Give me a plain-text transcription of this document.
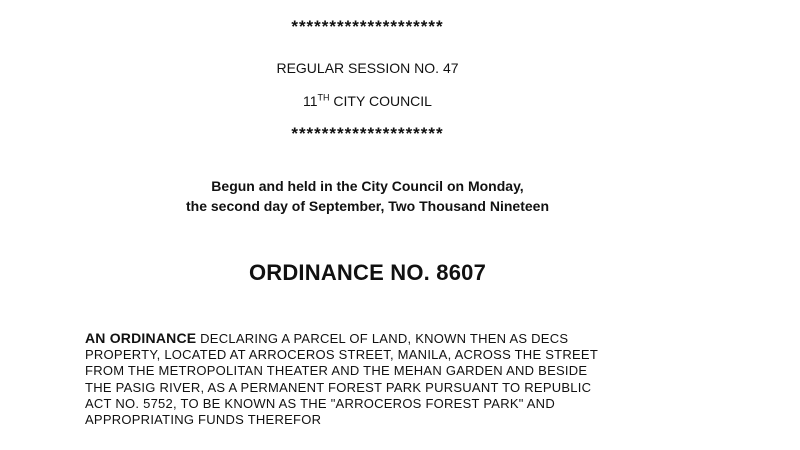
********************
REGULAR SESSION NO. 47
11TH CITY COUNCIL
********************
Begun and held in the City Council on Monday,
the second day of September, Two Thousand Nineteen
ORDINANCE NO. 8607
AN ORDINANCE DECLARING A PARCEL OF LAND, KNOWN THEN AS DECS
PROPERTY, LOCATED AT ARROCEROS STREET, MANILA, ACROSS THE STREET
FROM THE METROPOLITAN THEATER AND THE MEHAN GARDEN AND BESIDE
THE PASIG RIVER, AS A PERMANENT FOREST PARK PURSUANT TO REPUBLIC
ACT NO. 5752, TO BE KNOWN AS THE "ARROCEROS FOREST PARK" AND
APPROPRIATING FUNDS THEREFOR
